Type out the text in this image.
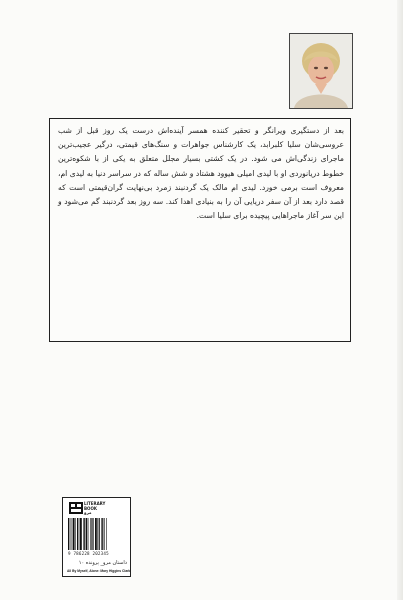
بعد از دستگیری ویرانگر و تحقیر کننده همسر آینده‌اش درست یک روز قبل از شب عروسی‌شان سلیا کلبرابد، یک کارشناس جواهرات و سنگ‌های قیمتی، درگیر عجیب‌ترین ماجرای زندگی‌اش می شود. در یک کشتی بسیار مجلل متعلق به یکی از با شکوه‌ترین خطوط دریانوردی او با لیدی امیلی هیوود هشتاد و شش ساله که در سراسر دنیا به لیدی ام، معروف است برمی خورد. لیدی ام مالک یک گردنبند زمرد بی‌نهایت گران‌قیمتی است که قصد دارد بعد از آن سفر دریایی آن را به بنیادی اهدا کند. سه روز بعد گردنبند گم می‌شود و این سر آغاز ماجراهایی پیچیده برای سلیا است.

LITERARY
BOOK
مرو
9 786228 202345
داستان مرو_ پرونده ۱۰
All By Myself, Alone: Mary Higgins Clark
